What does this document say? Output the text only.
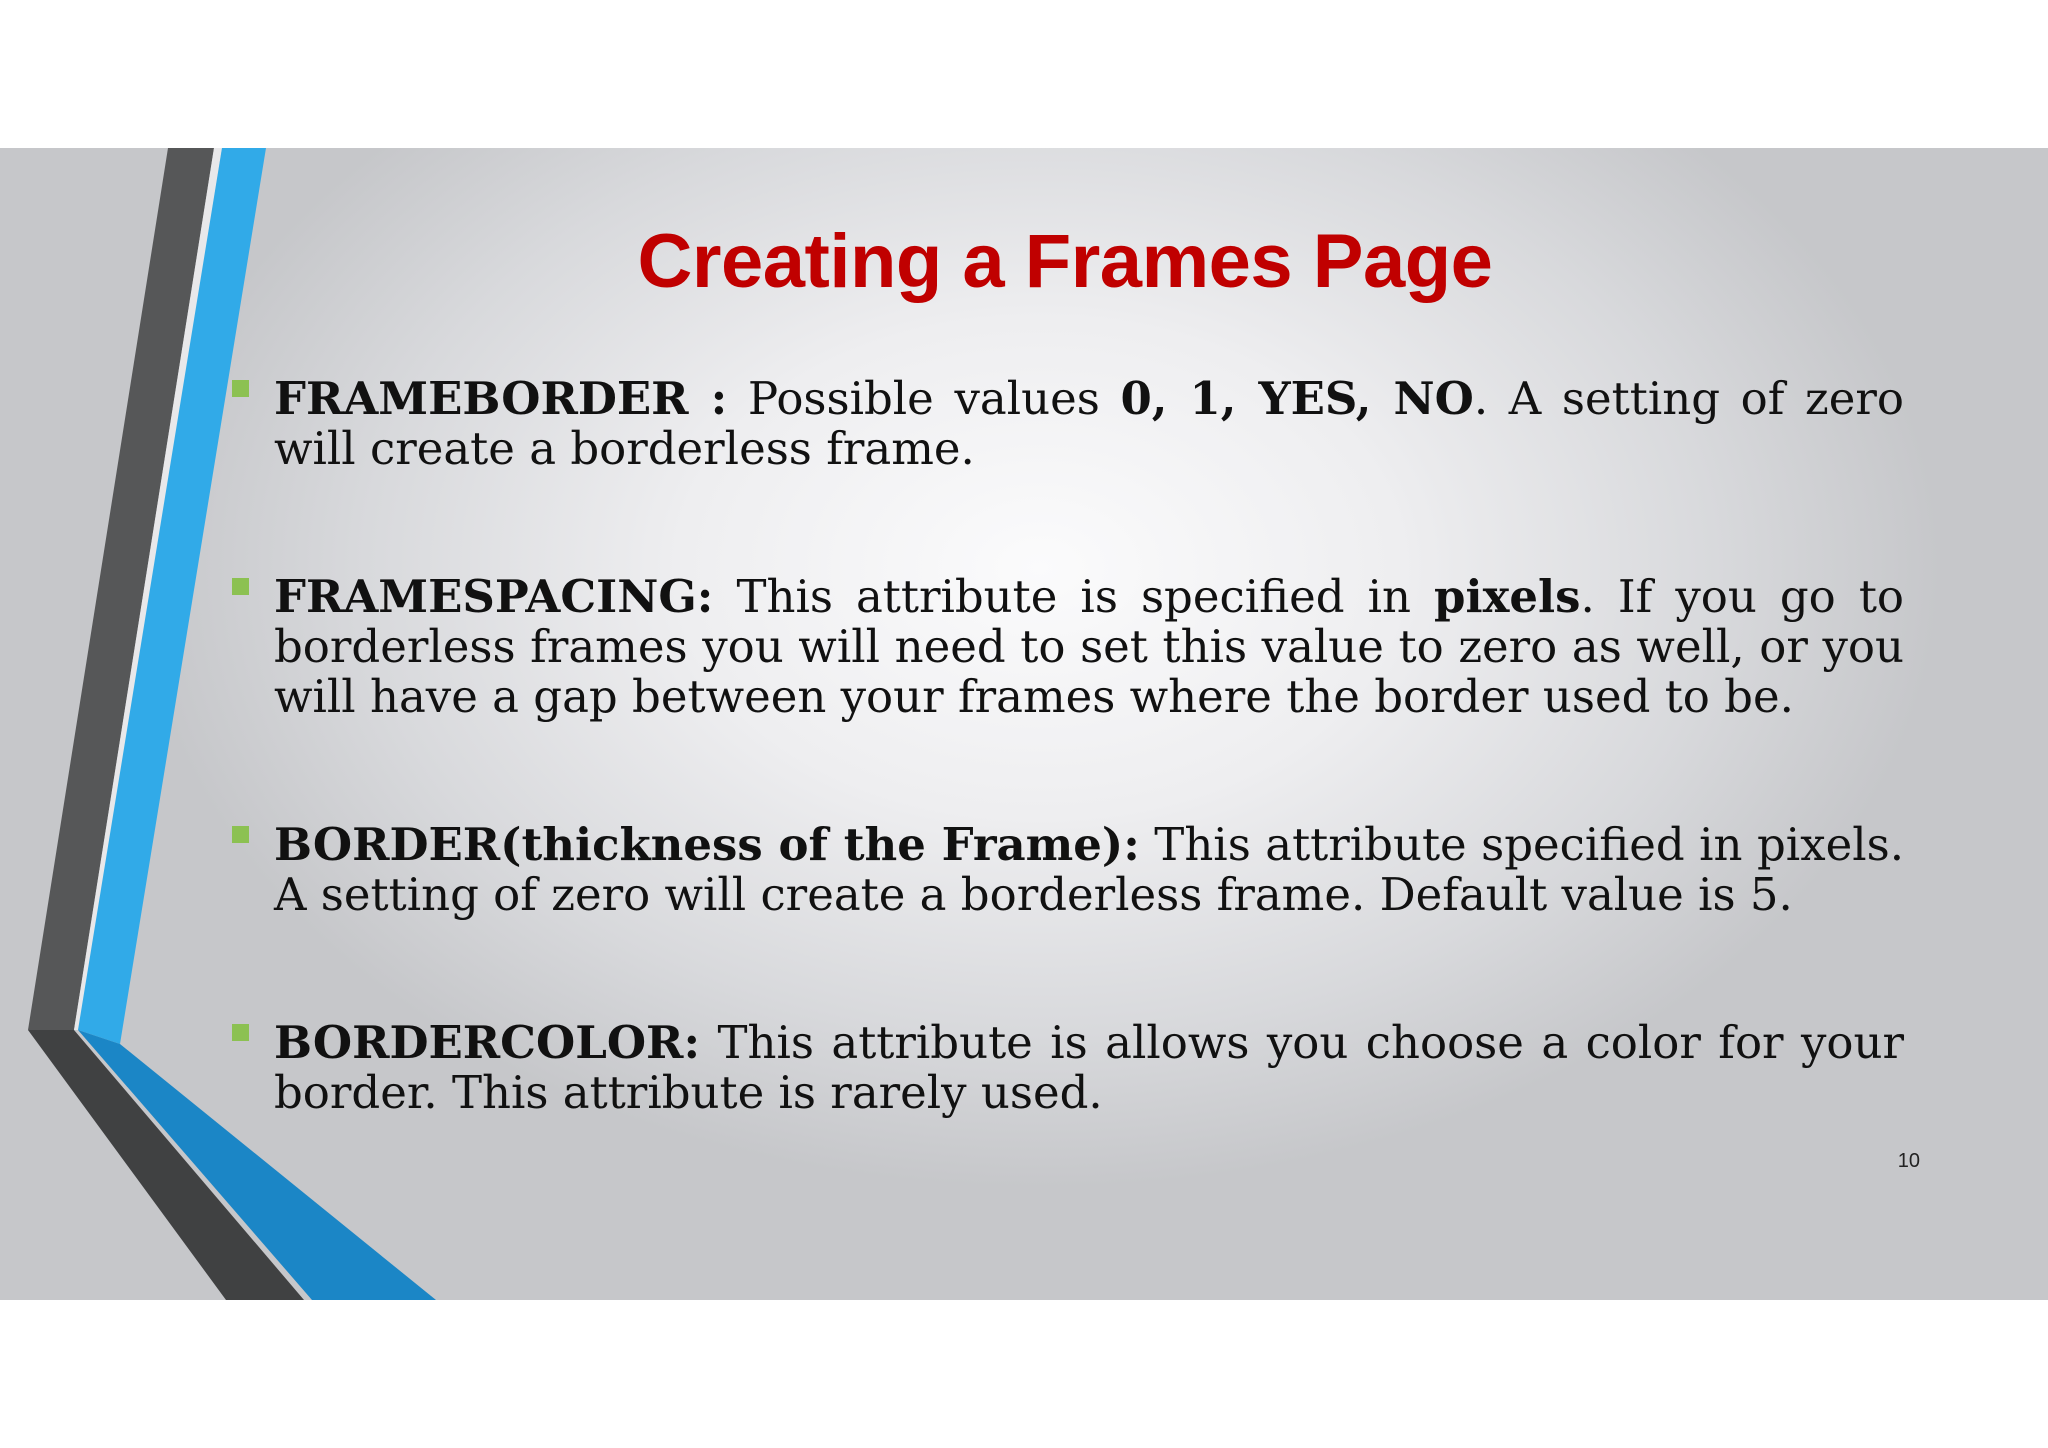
Creating a Frames Page
FRAMEBORDER : Possible values 0, 1, YES, NO. A setting of zero will create a borderless frame.
FRAMESPACING: This attribute is specified in pixels. If you go to borderless frames you will need to set this value to zero as well, or you will have a gap between your frames where the border used to be.
BORDER(thickness of the Frame): This attribute specified in pixels. A setting of zero will create a borderless frame. Default value is 5.
BORDERCOLOR: This attribute is allows you choose a color for your border. This attribute is rarely used.
10
